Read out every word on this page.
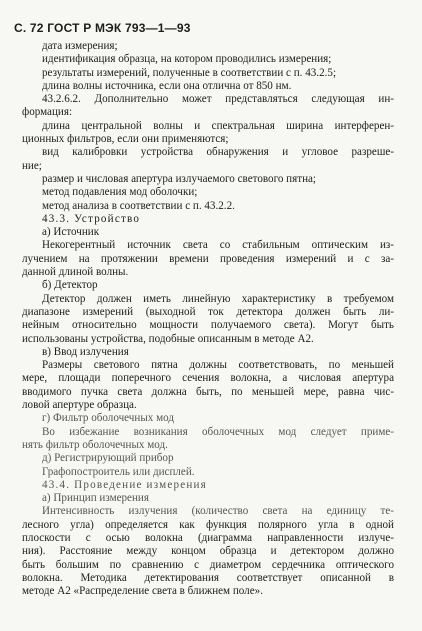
С. 72 ГОСТ Р МЭК 793—1—93
дата измерения;
идентификация образца, на котором проводились измерения;
результаты измерений, полученные в соответствии с п. 43.2.5;
длина волны источника, если она отлична от 850 нм.
43.2.6.2. Дополнительно может представляться следующая ин-
формация:
длина центральной волны и спектральная ширина интерферен-
ционных фильтров, если они применяются;
вид калибровки устройства обнаружения и угловое разреше-
ние;
размер и числовая апертура излучаемого светового пятна;
метод подавления мод оболочки;
метод анализа в соответствии с п. 43.2.2.
43.3. Устройство
а) Источник
Некогерентный источник света со стабильным оптическим из-
лучением на протяжении времени проведения измерений и с за-
данной длиной волны.
б) Детектор
Детектор должен иметь линейную характеристику в требуемом
диапазоне измерений (выходной ток детектора должен быть ли-
нейным относительно мощности получаемого света). Могут быть
использованы устройства, подобные описанным в методе А2.
в) Ввод излучения
Размеры светового пятна должны соответствовать, по меньшей
мере, площади поперечного сечения волокна, а числовая апертура
вводимого пучка света должна быть, по меньшей мере, равна чис-
ловой апертуре образца.
г) Фильтр оболочечных мод
Во избежание возникания оболочечных мод следует приме-
нять фильтр оболочечных мод.
д) Регистрирующий прибор
Графопостроитель или дисплей.
43.4. Проведение измерения
а) Принцип измерения
Интенсивность излучения (количество света на единицу те-
лесного угла) определяется как функция полярного угла в одной
плоскости с осью волокна (диаграмма направленности излуче-
ния). Расстояние между концом образца и детектором должно
быть большим по сравнению с диаметром сердечника оптического
волокна. Методика детектирования соответствует описанной в
методе А2 «Распределение света в ближнем поле».
